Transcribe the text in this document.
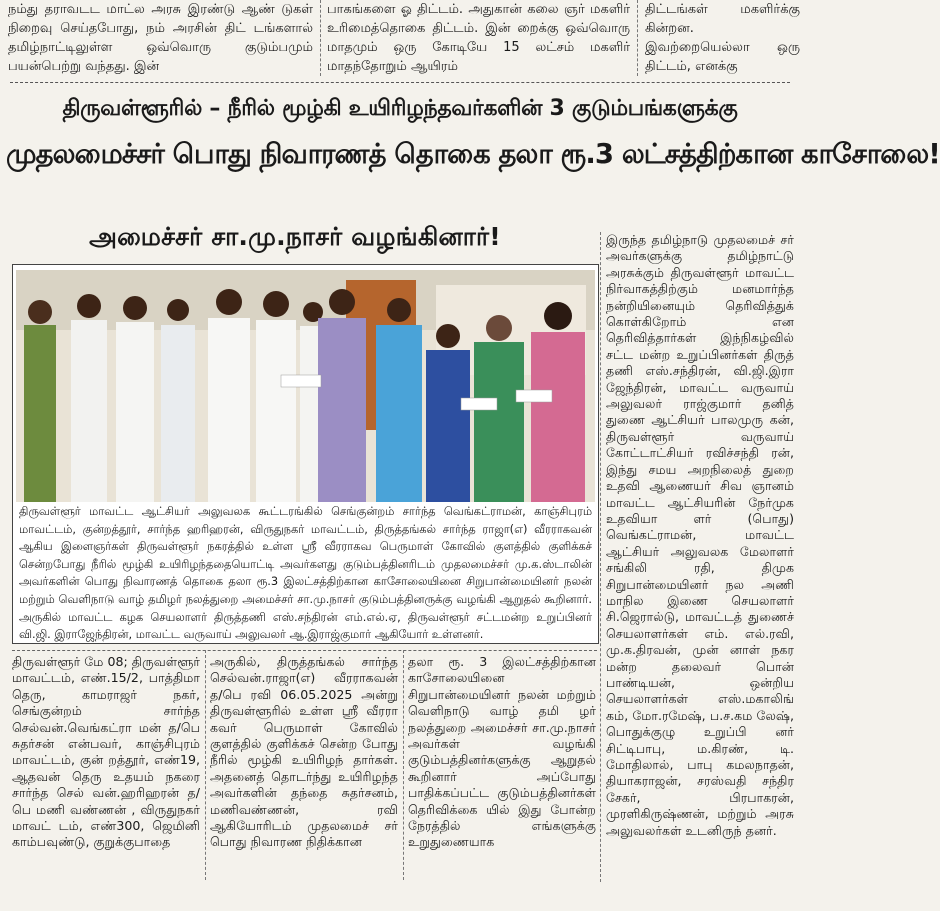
நம்து தராவடட மாட்ல அரசு இரண்டு ஆண் டுகள் நிறைவு செய்தபோது, நம் அரசின் திட் டங்களால் தமிழ்நாட்டிலுள்ள ஒவ்வொரு குடும்பமும் பயன்பெற்று வந்தது. இன்

பாகங்களை ஓ திட்டம். அதுகான் கலை ஞர் மகளிர் உரிமைத்தொகை திட்டம். இன் றைக்கு ஒவ்வொரு மாதமும் ஒரு கோடியே 15 லட்சம் மகளிர் மாதந்தோறும் ஆயிரம்

திட்டங்கள் மகளிர்க்கு கின்றன. இவற்றையெல்லா ஒரு திட்டம், எனக்கு

திருவள்ளூரில் – நீரில் மூழ்கி உயிரிழந்தவர்களின் 3 குடும்பங்களுக்கு
முதலமைச்சர் பொது நிவாரணத் தொகை தலா ரூ.3 லட்சத்திற்கான காசோலை!
அமைச்சர் சா.மு.நாசர் வழங்கினார்!
திருவள்ளூர் மாவட்ட ஆட்சியர் அலுவலக கூட்டரங்கில் செங்குன்றம் சார்ந்த வெங்கட்ராமன், காஞ்சிபுரம் மாவட்டம், குன்றத்தூர், சார்ந்த ஹரிஹரன், விருதுநகர் மாவட்டம், திருத்தங்கல் சார்ந்த ராஜா(எ) வீரராகவன் ஆகிய இளைஞர்கள் திருவள்ளூர் நகரத்தில் உள்ள ஸ்ரீ வீரராகவ பெருமாள் கோவில் குளத்தில் குளிக்கச் சென்றபோது நீரில் மூழ்கி உயிரிழந்ததையொட்டி அவர்களது குடும்பத்தினரிடம் முதலமைச்சர் மு.க.ஸ்டாலின் அவர்களின் பொது நிவாரணத் தொகை தலா ரூ.3 இலட்சத்திற்கான காசோலையினை சிறுபான்மையினர் நலன் மற்றும் வெளிநாடு வாழ் தமிழர் நலத்துறை அமைச்சர் சா.மு.நாசர் குடும்பத்தினருக்கு வழங்கி ஆறுதல் கூறினார். அருகில் மாவட்ட கழக செயலாளர் திருத்தணி எஸ்.சந்திரன் எம்.எல்.ஏ, திருவள்ளூர் சட்டமன்ற உறுப்பினர் வி.ஜி. இராஜேந்திரன், மாவட்ட வருவாய் அலுவலர் ஆ.இராஜ்குமார் ஆகியோர் உள்ளனர்.

திருவள்ளூர் மே 08; திருவள்ளூர் மாவட்டம், எண்.15/2, பாத்திமா தெரு, காமராஜர் நகர், செங்குன்றம் சார்ந்த செல்வன்.வெங்கட்ரா மன் த/பெ சுதர்சன் என்பவர், காஞ்சிபுரம் மாவட்டம், குன் றத்தூர், எண்19, ஆதவன் தெரு உதயம் நகரை சார்ந்த செல் வன்.ஹரிஹரன் த/பெ மணி வண்ணன் , விருதுநகர் மாவட் டம், எண்300, ஜெமினி காம்பவுண்டு, குறுக்குபாதை

அருகில், திருத்தங்கல் சார்ந்த செல்வன்.ராஜா(எ) வீரராகவன் த/பெ ரவி 06.05.2025 அன்று திருவள்ளூரில் உள்ள ஸ்ரீ வீரரா கவர் பெருமாள் கோவில் குளத்தில் குளிக்கச் சென்ற போது நீரில் மூழ்கி உயிரிழந் தார்கள். அதனைத் தொடர்ந்து உயிரிழந்த அவர்களின் தந்தை சுதர்சனம், மணிவண்ணன், ரவி ஆகியோரிடம் முதலமைச் சர் பொது நிவாரண நிதிக்கான

தலா ரூ. 3 இலட்சத்திற்கான காசோலையினை சிறுபான்மையினர் நலன் மற்றும் வெளிநாடு வாழ் தமி ழர் நலத்துறை அமைச்சர் சா.மு.நாசர் அவர்கள் வழங்கி குடும்பத்தினர்களுக்கு ஆறுதல் கூறினார் அப்போது பாதிக்கப்பட்ட குடும்பத்தினர்கள் தெரிவிக்கை யில் இது போன்ற நேரத்தில் எங்களுக்கு உறுதுணையாக

இருந்த தமிழ்நாடு முதலமைச் சர் அவர்களுக்கு தமிழ்நாட்டு அரசுக்கும் திருவள்ளூர் மாவட்ட நிர்வாகத்திற்கும் மனமார்ந்த நன்றியினையும் தெரிவித்துக் கொள்கிறோம் என தெரிவித்தார்கள் இந்நிகழ்வில் சட்ட மன்ற உறுப்பினர்கள் திருத் தணி எஸ்.சந்திரன், வி.ஜி.இரா ஜேந்திரன், மாவட்ட வருவாய் அலுவலர் ராஜ்குமார் தனித் துணை ஆட்சியர் பாலமுரு கன், திருவள்ளூர் வருவாய் கோட்டாட்சியர் ரவிச்சந்தி ரன், இந்து சமய அறநிலைத் துறை உதவி ஆணையர் சிவ ஞானம் மாவட்ட ஆட்சியரின் நேர்முக உதவியா ளர் (பொது) வெங்கட்ராமன், மாவட்ட ஆட்சியர் அலுவலக மேலாளர் சங்கிலி ரதி, திமுக சிறுபான்மையினர் நல அணி மாநில இணை செயலாளர் சி.ஜெரால்டு, மாவட்டத் துணைச் செயலாளர்கள் எம். எல்.ரவி, மு.க.திரவன், முன் னாள் நகர மன்ற தலைவர் பொன் பாண்டியன், ஒன்றிய செயலாளர்கள் எஸ்.மகாலிங் கம், மோ.ரமேஷ், ப.ச.கம லேஷ், பொதுக்குழு உறுப்பி னர் சிட்டிபாபு, ம.கிரண், டி. மோதிலால், பாபு கமலநாதன், தியாகராஜன், சரஸ்வதி சந்திர சேகர், பிரபாகரன், முரளிகிருஷ்ணன், மற்றும் அரசு அலுவலர்கள் உடனிருந் தனர்.
